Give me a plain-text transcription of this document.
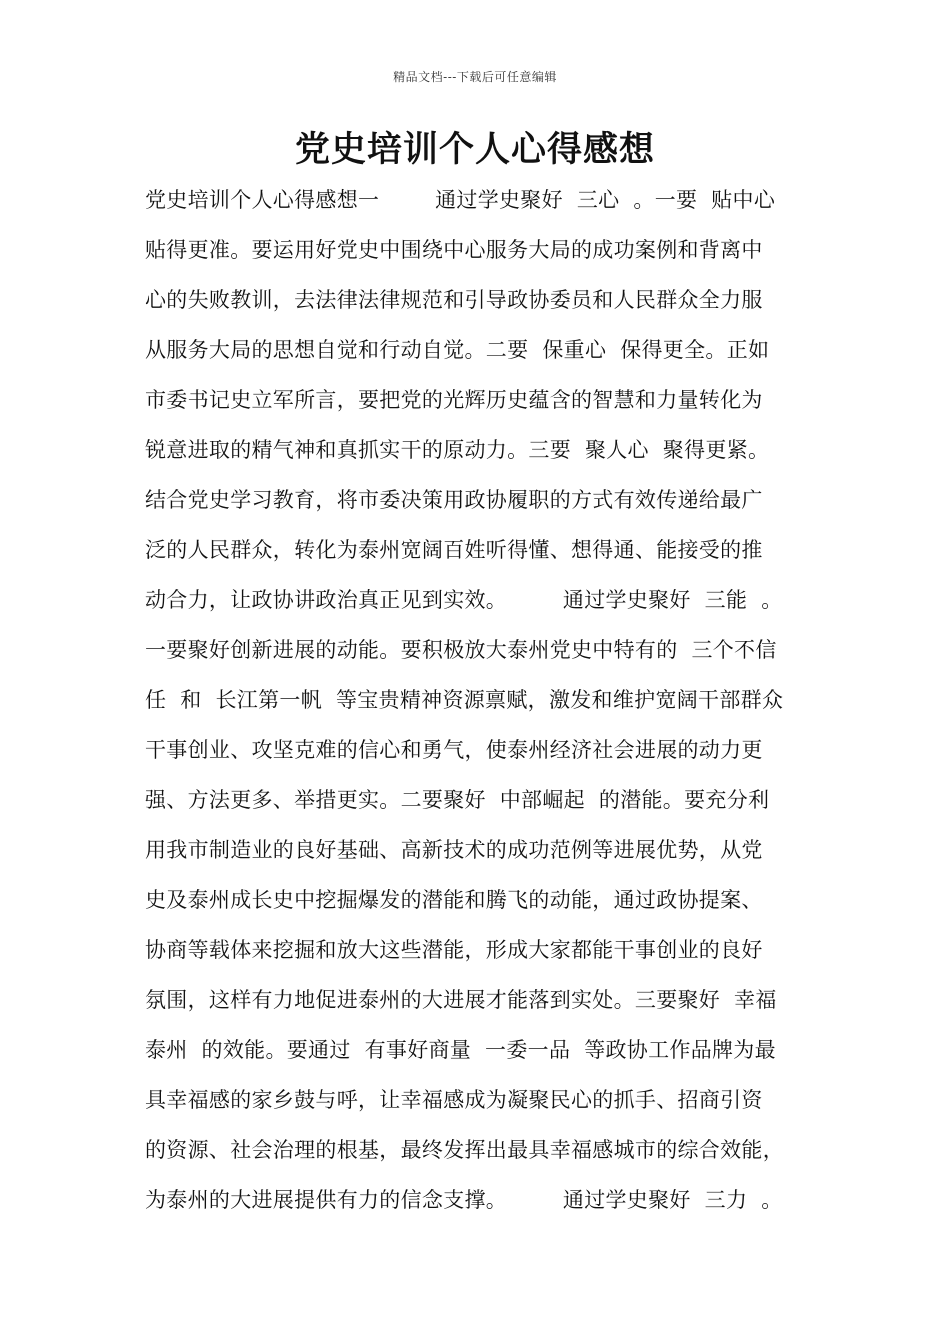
精品文档---下载后可任意编辑
党史培训个人心得感想
党史培训个人心得感想一        通过学史聚好  三心  。一要  贴中心
贴得更准。要运用好党史中围绕中心服务大局的成功案例和背离中
心的失败教训，去法律法律规范和引导政协委员和人民群众全力服
从服务大局的思想自觉和行动自觉。二要  保重心  保得更全。正如
市委书记史立军所言，要把党的光辉历史蕴含的智慧和力量转化为
锐意进取的精气神和真抓实干的原动力。三要  聚人心  聚得更紧。
结合党史学习教育，将市委决策用政协履职的方式有效传递给最广
泛的人民群众，转化为泰州宽阔百姓听得懂、想得通、能接受的推
动合力，让政协讲政治真正见到实效。        通过学史聚好  三能  。
一要聚好创新进展的动能。要积极放大泰州党史中特有的  三个不信
任  和  长江第一帆  等宝贵精神资源禀赋，激发和维护宽阔干部群众
干事创业、攻坚克难的信心和勇气，使泰州经济社会进展的动力更
强、方法更多、举措更实。二要聚好  中部崛起  的潜能。要充分利
用我市制造业的良好基础、高新技术的成功范例等进展优势，从党
史及泰州成长史中挖掘爆发的潜能和腾飞的动能，通过政协提案、
协商等载体来挖掘和放大这些潜能，形成大家都能干事创业的良好
氛围，这样有力地促进泰州的大进展才能落到实处。三要聚好  幸福
泰州  的效能。要通过  有事好商量  一委一品  等政协工作品牌为最
具幸福感的家乡鼓与呼，让幸福感成为凝聚民心的抓手、招商引资
的资源、社会治理的根基，最终发挥出最具幸福感城市的综合效能，
为泰州的大进展提供有力的信念支撑。        通过学史聚好  三力  。
